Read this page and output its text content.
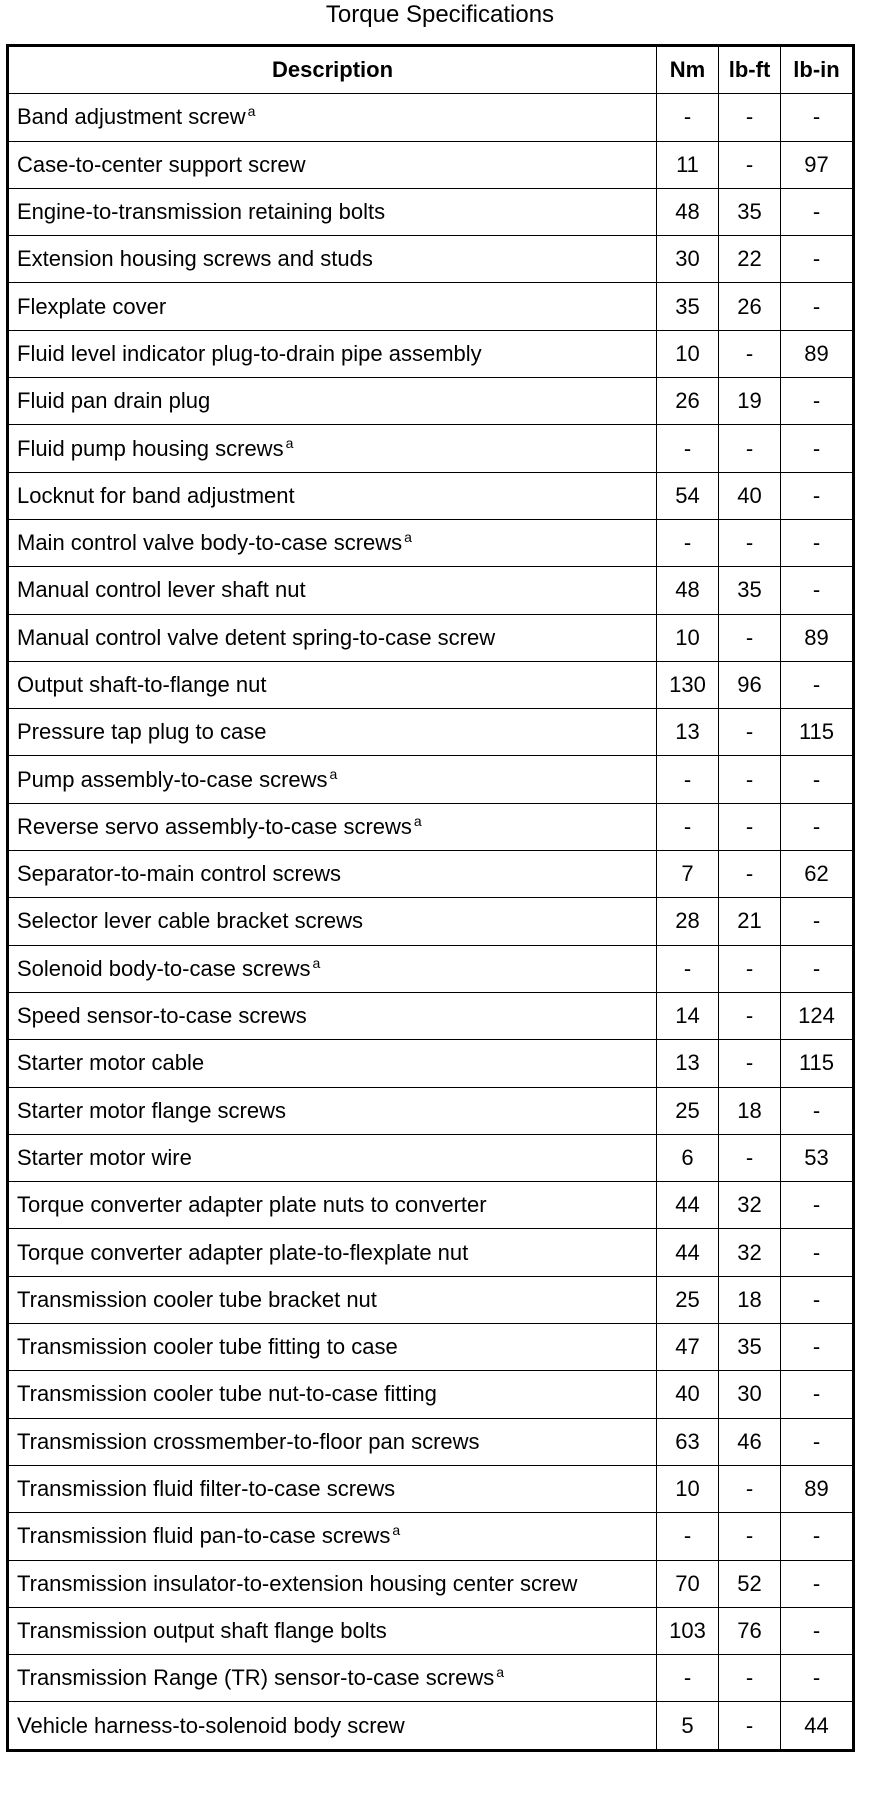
Torque Specifications
Description	Nm	lb-ft	lb-in
Band adjustment screw $^a$	-	-	-
Case-to-center support screw	11	-	97
Engine-to-transmission retaining bolts	48	35	-
Extension housing screws and studs	30	22	-
Flexplate cover	35	26	-
Fluid level indicator plug-to-drain pipe assembly	10	-	89
Fluid pan drain plug	26	19	-
Fluid pump housing screws $^a$	-	-	-
Locknut for band adjustment	54	40	-
Main control valve body-to-case screws $^a$	-	-	-
Manual control lever shaft nut	48	35	-
Manual control valve detent spring-to-case screw	10	-	89
Output shaft-to-flange nut	130	96	-
Pressure tap plug to case	13	-	115
Pump assembly-to-case screws $^a$	-	-	-
Reverse servo assembly-to-case screws $^a$	-	-	-
Separator-to-main control screws	7	-	62
Selector lever cable bracket screws	28	21	-
Solenoid body-to-case screws $^a$	-	-	-
Speed sensor-to-case screws	14	-	124
Starter motor cable	13	-	115
Starter motor flange screws	25	18	-
Starter motor wire	6	-	53
Torque converter adapter plate nuts to converter	44	32	-
Torque converter adapter plate-to-flexplate nut	44	32	-
Transmission cooler tube bracket nut	25	18	-
Transmission cooler tube fitting to case	47	35	-
Transmission cooler tube nut-to-case fitting	40	30	-
Transmission crossmember-to-floor pan screws	63	46	-
Transmission fluid filter-to-case screws	10	-	89
Transmission fluid pan-to-case screws $^a$	-	-	-
Transmission insulator-to-extension housing center screw	70	52	-
Transmission output shaft flange bolts	103	76	-
Transmission Range (TR) sensor-to-case screws $^a$	-	-	-
Vehicle harness-to-solenoid body screw	5	-	44
